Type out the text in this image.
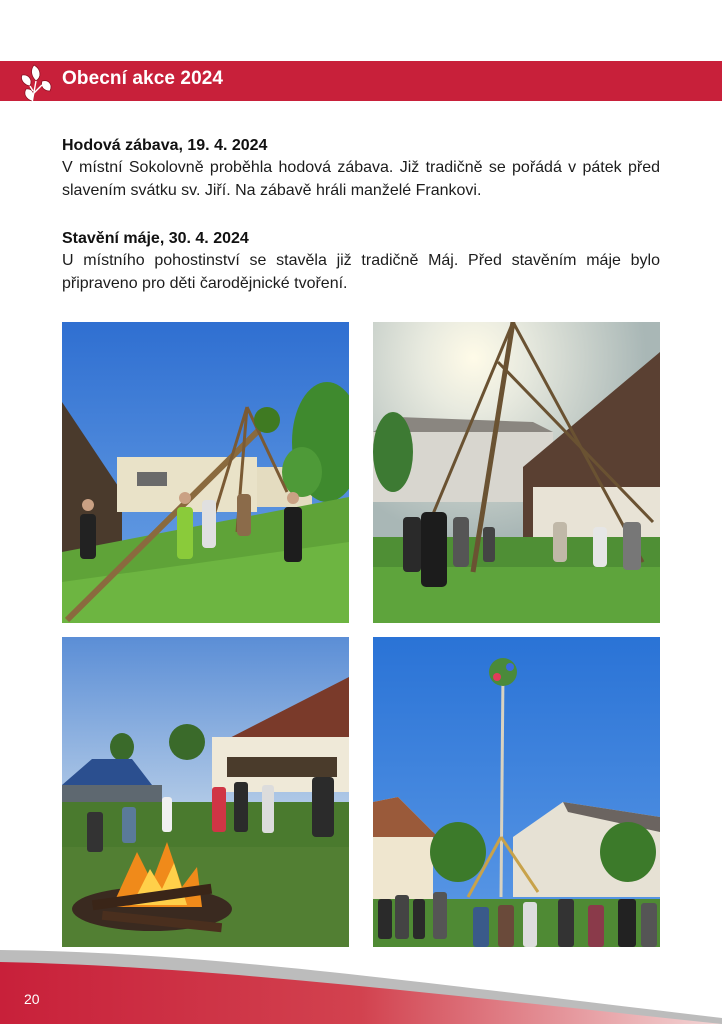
Obecní akce 2024
Hodová zábava, 19. 4. 2024

V místní Sokolovně proběhla hodová zábava. Již tradičně se pořádá v pátek před slavením svátku sv. Jiří. Na zábavě hráli manželé Frankovi.

Stavění máje, 30. 4. 2024

U místního pohostinství se stavěla již tradičně Máj. Před stavěním máje bylo připraveno pro děti čarodějnické tvoření.

20
